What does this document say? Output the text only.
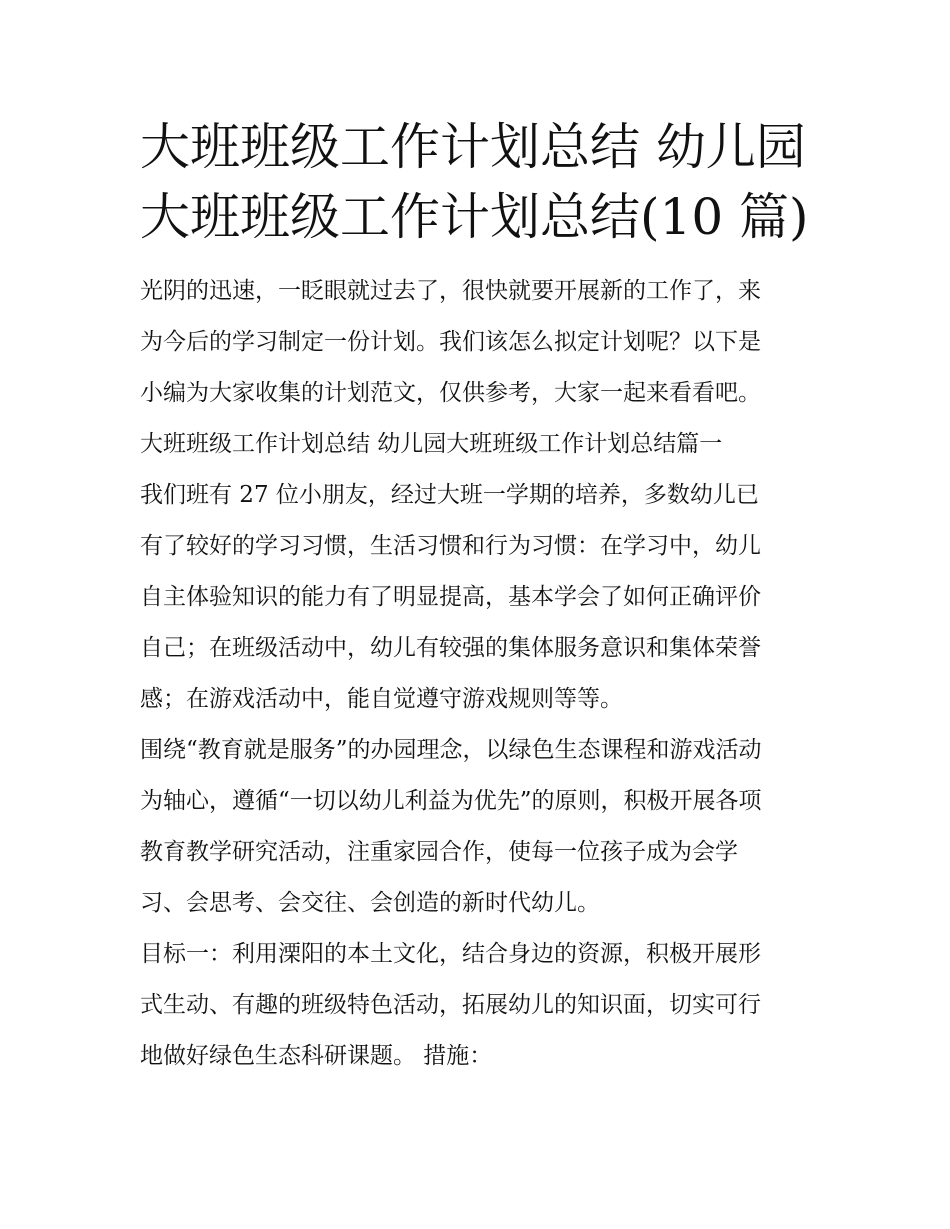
大班班级工作计划总结 幼儿园
大班班级工作计划总结(10 篇)

光阴的迅速，一眨眼就过去了，很快就要开展新的工作了，来
为今后的学习制定一份计划。我们该怎么拟定计划呢？以下是
小编为大家收集的计划范文，仅供参考，大家一起来看看吧。

大班班级工作计划总结 幼儿园大班班级工作计划总结篇一

我们班有 27 位小朋友，经过大班一学期的培养，多数幼儿已
有了较好的学习习惯，生活习惯和行为习惯：在学习中，幼儿
自主体验知识的能力有了明显提高，基本学会了如何正确评价
自己；在班级活动中，幼儿有较强的集体服务意识和集体荣誉
感；在游戏活动中，能自觉遵守游戏规则等等。

围绕“教育就是服务”的办园理念，以绿色生态课程和游戏活动
为轴心，遵循“一切以幼儿利益为优先”的原则，积极开展各项
教育教学研究活动，注重家园合作，使每一位孩子成为会学
习、会思考、会交往、会创造的新时代幼儿。

目标一：利用溧阳的本土文化，结合身边的资源，积极开展形
式生动、有趣的班级特色活动，拓展幼儿的知识面，切实可行
地做好绿色生态科研课题。 措施：
